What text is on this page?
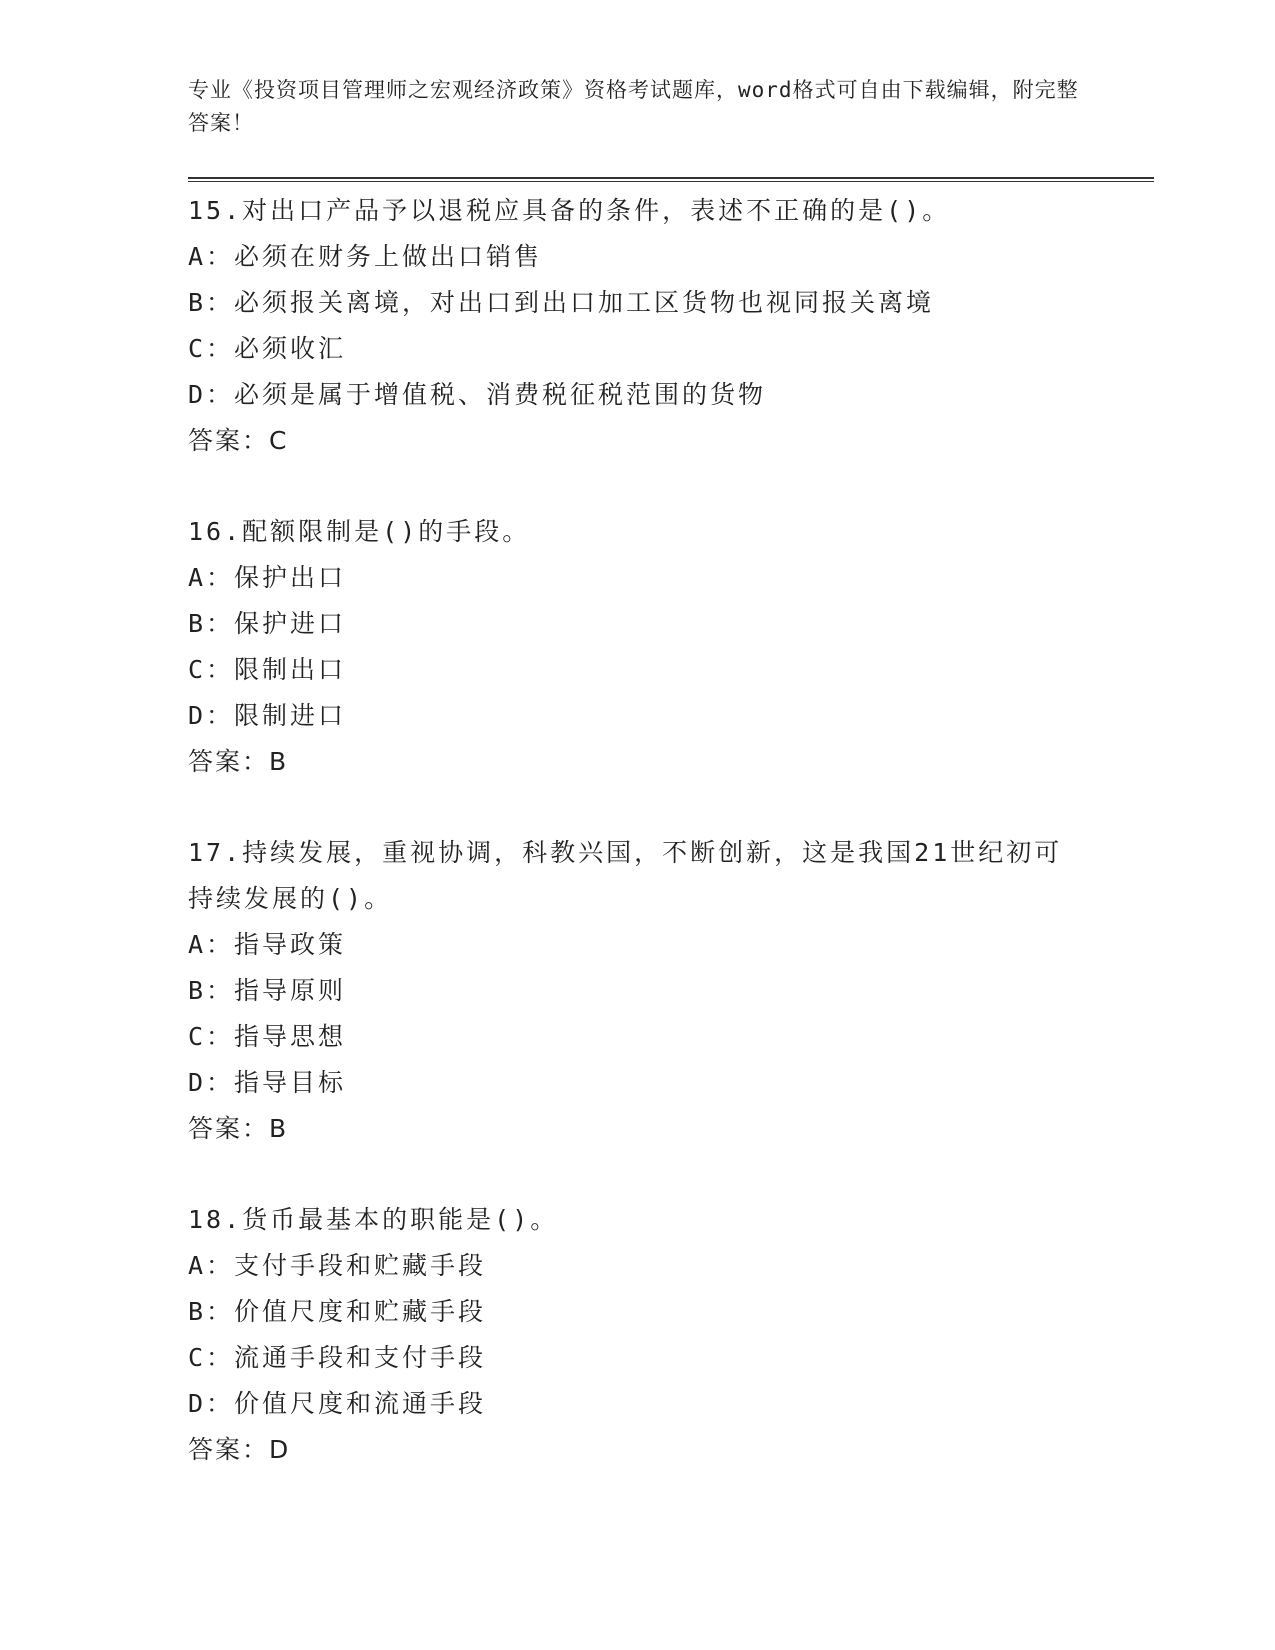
专业《投资项目管理师之宏观经济政策》资格考试题库，word格式可自由下载编辑，附完整答案！
15.对出口产品予以退税应具备的条件，表述不正确的是()。
A：必须在财务上做出口销售
B：必须报关离境，对出口到出口加工区货物也视同报关离境
C：必须收汇
D：必须是属于增值税、消费税征税范围的货物
答案：C
16.配额限制是()的手段。
A：保护出口
B：保护进口
C：限制出口
D：限制进口
答案：B
17.持续发展，重视协调，科教兴国，不断创新，这是我国21世纪初可持续发展的()。
A：指导政策
B：指导原则
C：指导思想
D：指导目标
答案：B
18.货币最基本的职能是()。
A：支付手段和贮藏手段
B：价值尺度和贮藏手段
C：流通手段和支付手段
D：价值尺度和流通手段
答案：D
